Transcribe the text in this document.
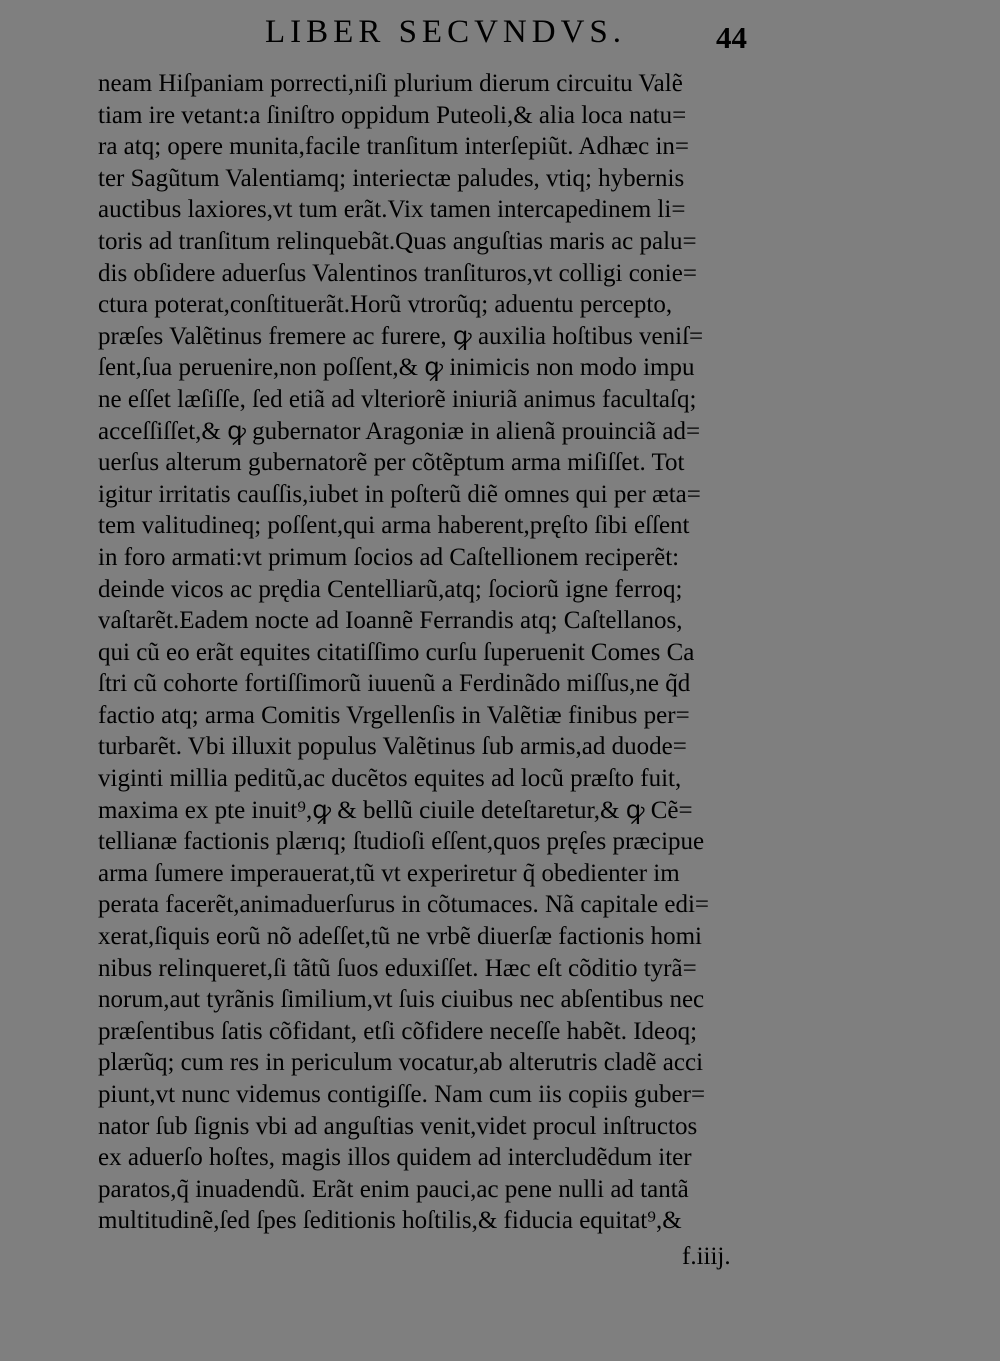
LIBER SECVNDVS.	44
neam Hiſpaniam porrecti,niſi plurium dierum circuitu Valẽ
tiam ire vetant:a ſiniſtro oppidum Puteoli,& alia loca natu=
ra atq; opere munita,facile tranſitum interſepiũt. Adhæc in=
ter Sagũtum Valentiamq; interiectæ paludes, vtiq; hybernis
auctibus laxiores,vt tum erãt.Vix tamen intercapedinem li=
toris ad tranſitum relinquebãt.Quas anguſtias maris ac palu=
dis obſidere aduerſus Valentinos tranſituros,vt colligi conie=
ctura poterat,conſtituerãt.Horũ vtrorũq; aduentu percepto,
præſes Valẽtinus fremere ac furere, ꝙ auxilia hoſtibus veniſ=
ſent,ſua peruenire,non poſſent,& ꝙ inimicis non modo impu
ne eſſet læſiſſe, ſed etiã ad vlteriorẽ iniuriã animus facultaſq;
acceſſiſſet,& ꝙ gubernator Aragoniæ in alienã prouinciã ad=
uerſus alterum gubernatorẽ per cõtẽptum arma miſiſſet. Tot
igitur irritatis cauſſis,iubet in poſterũ diẽ omnes qui per æta=
tem valitudineq; poſſent,qui arma haberent,pręſto ſibi eſſent
in foro armati:vt primum ſocios ad Caſtellionem reciperẽt:
deinde vicos ac prędia Centelliarũ,atq; ſociorũ igne ferroq;
vaſtarẽt.Eadem nocte ad Ioannẽ Ferrandis atq; Caſtellanos,
qui cũ eo erãt equites citatiſſimo curſu ſuperuenit Comes Ca
ſtri cũ cohorte fortiſſimorũ iuuenũ a Ferdinãdo miſſus,ne q̃d
factio atq; arma Comitis Vrgellenſis in Valẽtiæ finibus per=
turbarẽt. Vbi illuxit populus Valẽtinus ſub armis,ad duode=
viginti millia peditũ,ac ducẽtos equites ad locũ præſto fuit,
maxima ex pte inuit⁹,ꝙ & bellũ ciuile deteſtaretur,& ꝙ Cẽ=
tellianæ factionis plærıq; ſtudioſi eſſent,quos pręſes præcipue
arma ſumere imperauerat,tũ vt experiretur q̃ obedienter im
perata facerẽt,animaduerſurus in cõtumaces. Nã capitale edi=
xerat,ſiquis eorũ nõ adeſſet,tũ ne vrbẽ diuerſæ factionis homi
nibus relinqueret,ſi tãtũ ſuos eduxiſſet. Hæc eſt cõditio tyrã=
norum,aut tyrãnis ſimilium,vt ſuis ciuibus nec abſentibus nec
præſentibus ſatis cõfidant, etſi cõfidere neceſſe habẽt. Ideoq;
plærũq; cum res in periculum vocatur,ab alterutris cladẽ acci
piunt,vt nunc videmus contigiſſe. Nam cum iis copiis guber=
nator ſub ſignis vbi ad anguſtias venit,videt procul inſtructos
ex aduerſo hoſtes, magis illos quidem ad intercludẽdum iter
paratos,q̃ inuadendũ. Erãt enim pauci,ac pene nulli ad tantã
multitudinẽ,ſed ſpes ſeditionis hoſtilis,& fiducia equitat⁹,&
f.iiij.
